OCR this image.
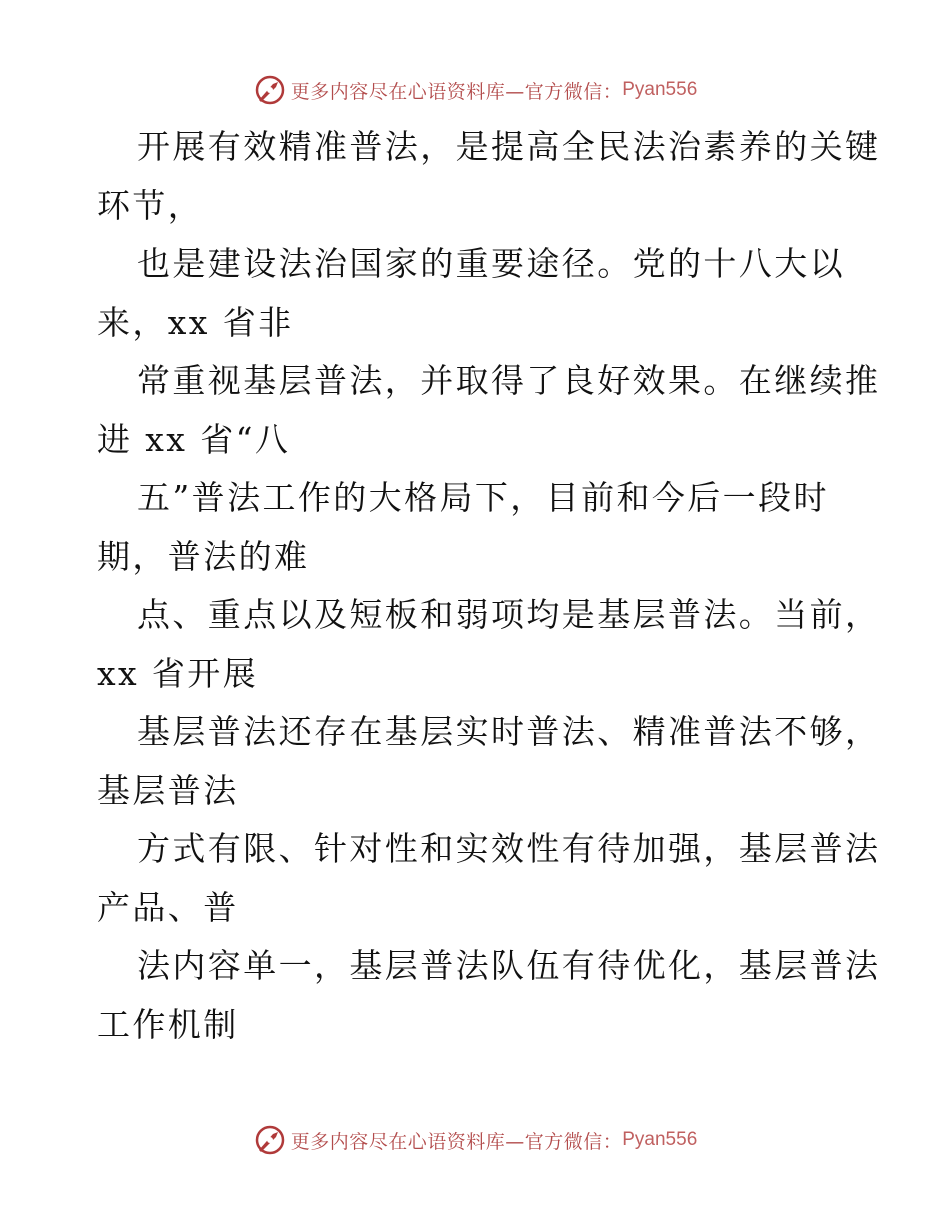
更多内容尽在心语资料库—官方微信： Pyan556
开展有效精准普法，是提高全民法治素养的关键
环节，
也是建设法治国家的重要途径。党的十八大以
来，xx 省非
常重视基层普法，并取得了良好效果。在继续推
进 xx 省“八
五”普法工作的大格局下，目前和今后一段时
期，普法的难
点、重点以及短板和弱项均是基层普法。当前，
xx 省开展
基层普法还存在基层实时普法、精准普法不够，
基层普法
方式有限、针对性和实效性有待加强，基层普法
产品、普
法内容单一，基层普法队伍有待优化，基层普法
工作机制
更多内容尽在心语资料库—官方微信： Pyan556
